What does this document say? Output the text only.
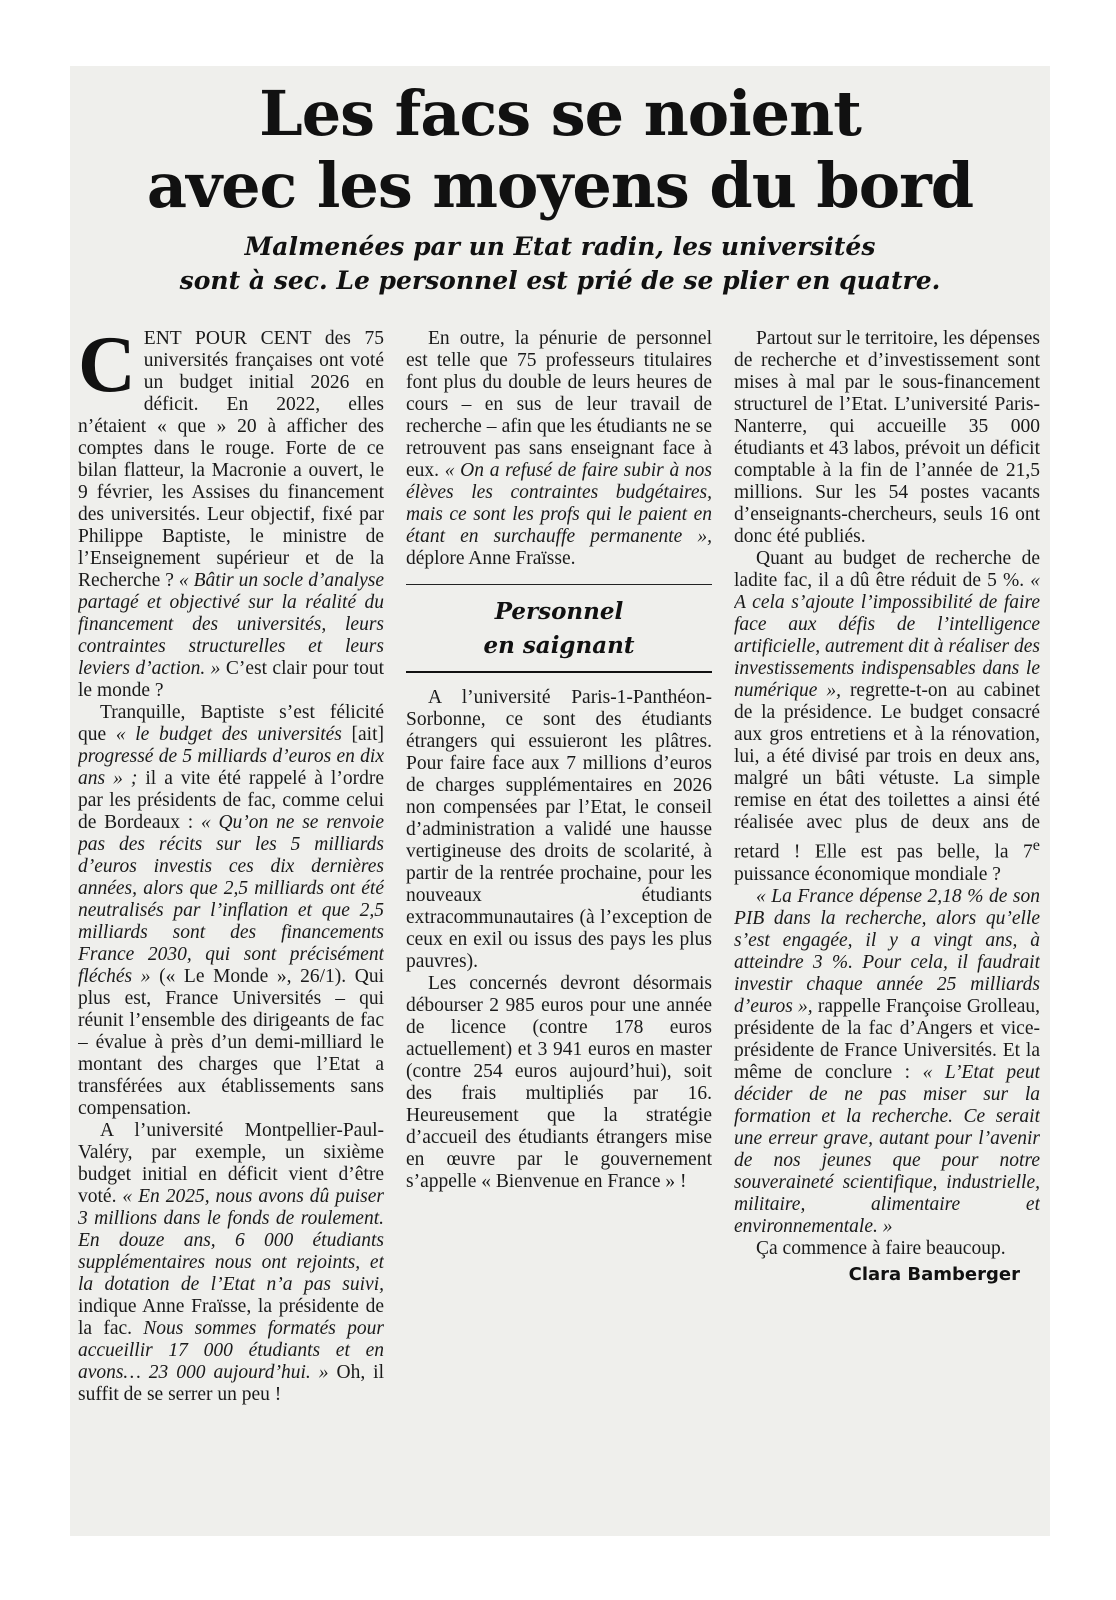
Les facs se noient
avec les moyens du bord
Malmenées par un Etat radin, les universités
sont à sec. Le personnel est prié de se plier en quatre.

CENT POUR CENT des 75 universités françaises ont voté un budget initial 2026 en déficit. En 2022, elles n’étaient « que » 20 à afficher des comptes dans le rouge. Forte de ce bilan flatteur, la Macronie a ouvert, le 9 février, les Assises du financement des universités. Leur objectif, fixé par Philippe Baptiste, le ministre de l’Enseignement supérieur et de la Recherche ? « Bâtir un socle d’analyse partagé et objectivé sur la réalité du financement des universités, leurs contraintes structurelles et leurs leviers d’action. » C’est clair pour tout le monde ?

Tranquille, Baptiste s’est félicité que « le budget des universités [ait] progressé de 5 milliards d’euros en dix ans » ; il a vite été rappelé à l’ordre par les présidents de fac, comme celui de Bordeaux : « Qu’on ne se renvoie pas des récits sur les 5 milliards d’euros investis ces dix dernières années, alors que 2,5 milliards ont été neutralisés par l’inflation et que 2,5 milliards sont des financements France 2030, qui sont précisément fléchés » (« Le Monde », 26/1). Qui plus est, France Universités – qui réunit l’ensemble des dirigeants de fac – évalue à près d’un demi-milliard le montant des charges que l’Etat a transférées aux établissements sans compensation.

A l’université Montpellier-Paul-Valéry, par exemple, un sixième budget initial en déficit vient d’être voté. « En 2025, nous avons dû puiser 3 millions dans le fonds de roulement. En douze ans, 6 000 étudiants supplémentaires nous ont rejoints, et la dotation de l’Etat n’a pas suivi, indique Anne Fraïsse, la présidente de la fac. Nous sommes formatés pour accueillir 17 000 étudiants et en avons… 23 000 aujourd’hui. » Oh, il suffit de se serrer un peu !

En outre, la pénurie de personnel est telle que 75 professeurs titulaires font plus du double de leurs heures de cours – en sus de leur travail de recherche – afin que les étudiants ne se retrouvent pas sans enseignant face à eux. « On a refusé de faire subir à nos élèves les contraintes budgétaires, mais ce sont les profs qui le paient en étant en surchauffe permanente », déplore Anne Fraïsse.

Personnel
en saignant

A l’université Paris-1-Panthéon-Sorbonne, ce sont des étudiants étrangers qui essuieront les plâtres. Pour faire face aux 7 millions d’euros de charges supplémentaires en 2026 non compensées par l’Etat, le conseil d’administration a validé une hausse vertigineuse des droits de scolarité, à partir de la rentrée prochaine, pour les nouveaux étudiants extracommunautaires (à l’exception de ceux en exil ou issus des pays les plus pauvres).

Les concernés devront désormais débourser 2 985 euros pour une année de licence (contre 178 euros actuellement) et 3 941 euros en master (contre 254 euros aujourd’hui), soit des frais multipliés par 16. Heureusement que la stratégie d’accueil des étudiants étrangers mise en œuvre par le gouvernement s’appelle « Bienvenue en France » !

Partout sur le territoire, les dépenses de recherche et d’investissement sont mises à mal par le sous-financement structurel de l’Etat. L’université Paris-Nanterre, qui accueille 35 000 étudiants et 43 labos, prévoit un déficit comptable à la fin de l’année de 21,5 millions. Sur les 54 postes vacants d’enseignants-chercheurs, seuls 16 ont donc été publiés.

Quant au budget de recherche de ladite fac, il a dû être réduit de 5 %. « A cela s’ajoute l’impossibilité de faire face aux défis de l’intelligence artificielle, autrement dit à réaliser des investissements indispensables dans le numérique », regrette-t-on au cabinet de la présidence. Le budget consacré aux gros entretiens et à la rénovation, lui, a été divisé par trois en deux ans, malgré un bâti vétuste. La simple remise en état des toilettes a ainsi été réalisée avec plus de deux ans de retard ! Elle est pas belle, la 7e puissance économique mondiale ?

« La France dépense 2,18 % de son PIB dans la recherche, alors qu’elle s’est engagée, il y a vingt ans, à atteindre 3 %. Pour cela, il faudrait investir chaque année 25 milliards d’euros », rappelle Françoise Grolleau, présidente de la fac d’Angers et vice-présidente de France Universités. Et la même de conclure : « L’Etat peut décider de ne pas miser sur la formation et la recherche. Ce serait une erreur grave, autant pour l’avenir de nos jeunes que pour notre souveraineté scientifique, industrielle, militaire, alimentaire et environnementale. »

Ça commence à faire beaucoup.

Clara Bamberger
